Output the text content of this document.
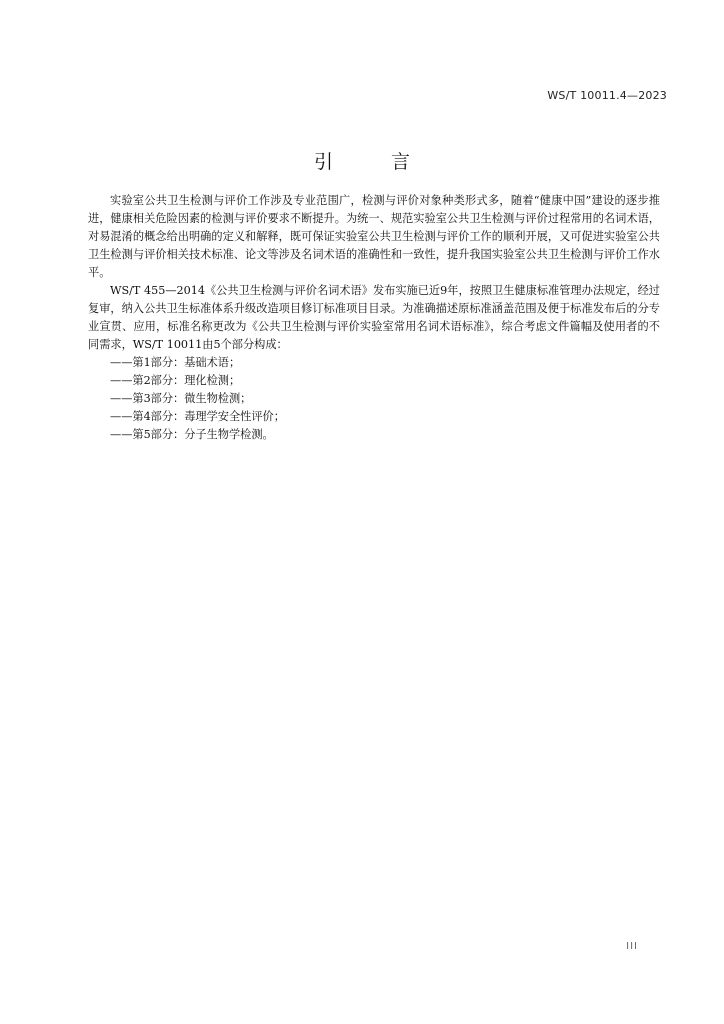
WS/T 10011.4—2023
引 言

实验室公共卫生检测与评价工作涉及专业范围广，检测与评价对象种类形式多，随着“健康中国”建设的逐步推进，健康相关危险因素的检测与评价要求不断提升。为统一、规范实验室公共卫生检测与评价过程常用的名词术语，对易混淆的概念给出明确的定义和解释，既可保证实验室公共卫生检测与评价工作的顺利开展，又可促进实验室公共卫生检测与评价相关技术标准、论文等涉及名词术语的准确性和一致性，提升我国实验室公共卫生检测与评价工作水平。

WS/T 455—2014《公共卫生检测与评价名词术语》发布实施已近9年，按照卫生健康标准管理办法规定，经过复审，纳入公共卫生标准体系升级改造项目修订标准项目目录。为准确描述原标准涵盖范围及便于标准发布后的分专业宣贯、应用，标准名称更改为《公共卫生检测与评价实验室常用名词术语标准》，综合考虑文件篇幅及使用者的不同需求，WS/T 10011由5个部分构成：

——第1部分：基础术语；
——第2部分：理化检测；
——第3部分：微生物检测；
——第4部分：毒理学安全性评价；
——第5部分：分子生物学检测。
III
